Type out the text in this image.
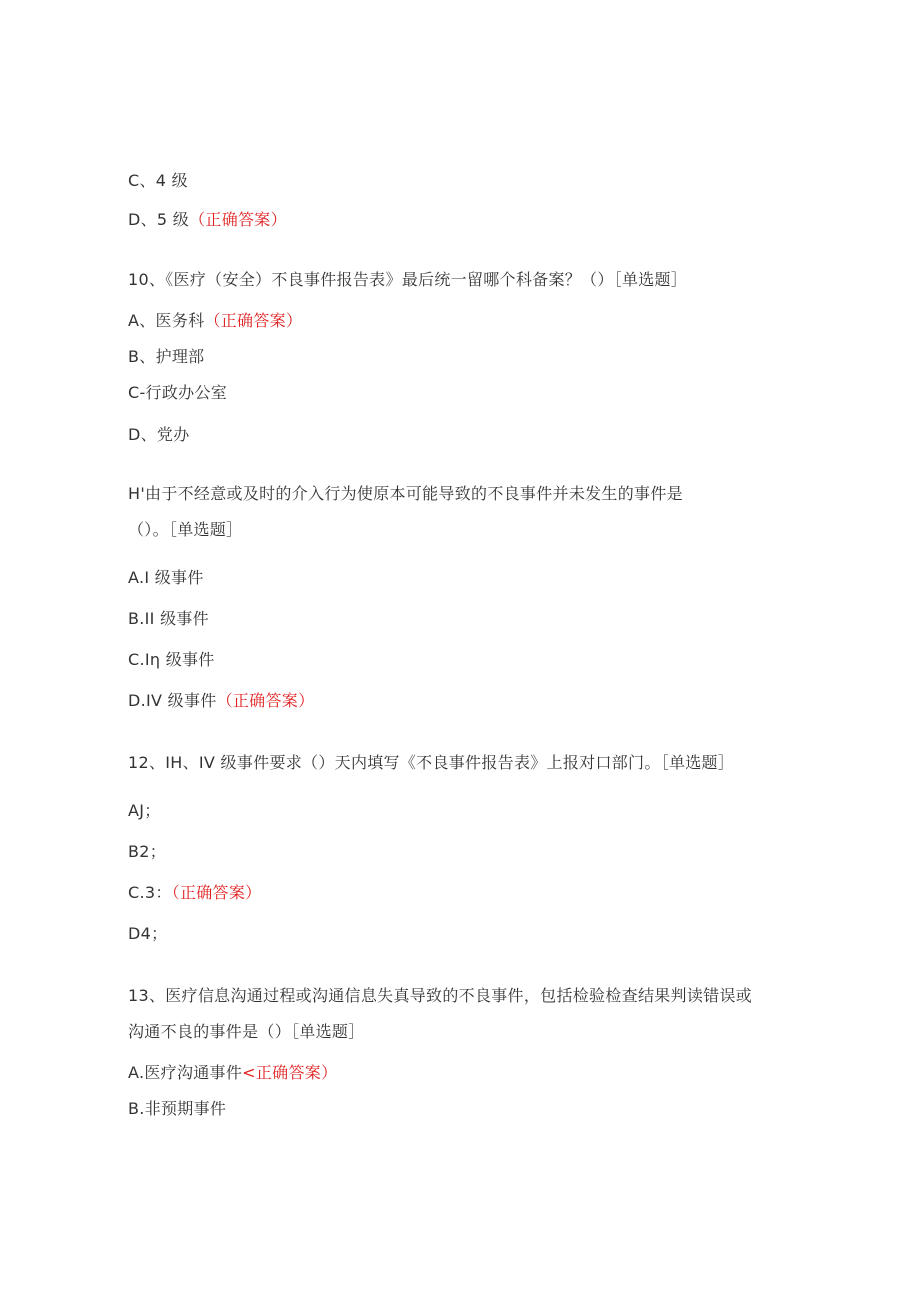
C、4 级
D、5 级（正确答案）
10、《医疗（安全）不良事件报告表》最后统一留哪个科备案？（）［单选题］
A、医务科（正确答案）
B、护理部
C-行政办公室
D、党办
H'由于不经意或及时的介入行为使原本可能导致的不良事件并未发生的事件是
（）。［单选题］
A.I 级事件
B.II 级事件
C.Iη 级事件
D.IV 级事件（正确答案）
12、IH、IV 级事件要求（）天内填写《不良事件报告表》上报对口部门。［单选题］
AJ；
B2；
C.3：（正确答案）
D4；
13、医疗信息沟通过程或沟通信息失真导致的不良事件，包括检验检查结果判读错误或
沟通不良的事件是（）［单选题］
A.医疗沟通事件<正确答案）
B.非预期事件
